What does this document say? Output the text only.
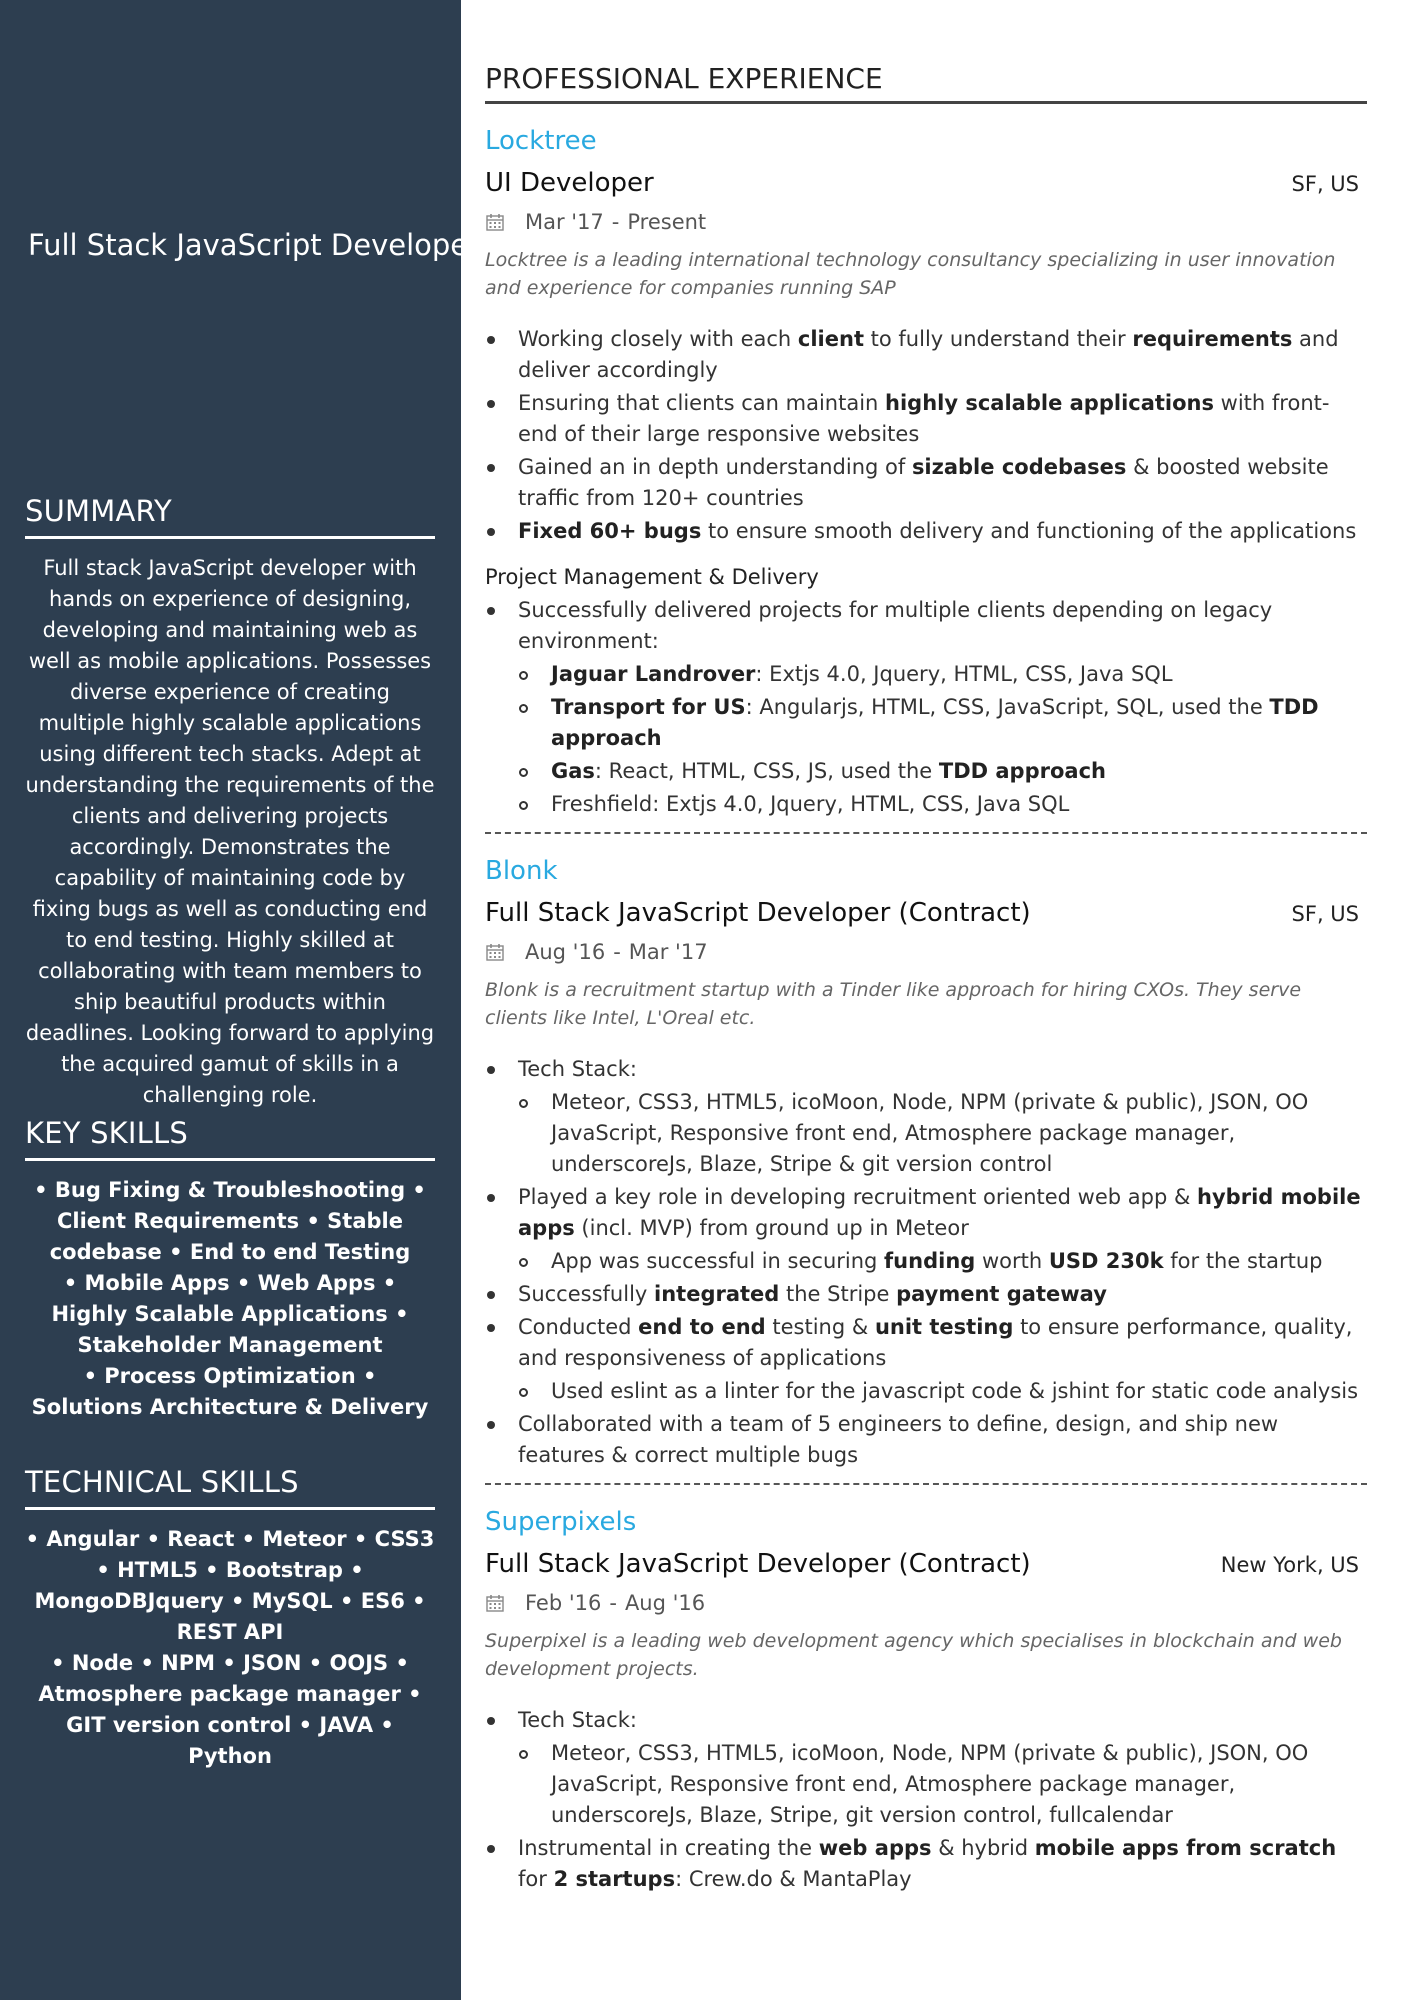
Full Stack JavaScript Developer
SUMMARY
Full stack JavaScript developer with hands on experience of designing, developing and maintaining web as well as mobile applications. Possesses diverse experience of creating multiple highly scalable applications using different tech stacks. Adept at understanding the requirements of the clients and delivering projects accordingly. Demonstrates the capability of maintaining code by fixing bugs as well as conducting end to end testing. Highly skilled at collaborating with team members to ship beautiful products within deadlines. Looking forward to applying the acquired gamut of skills in a challenging role.
KEY SKILLS
• Bug Fixing & Troubleshooting • Client Requirements • Stable codebase • End to end Testing
• Mobile Apps • Web Apps • Highly Scalable Applications • Stakeholder Management
• Process Optimization • Solutions Architecture & Delivery
TECHNICAL SKILLS
• Angular • React • Meteor • CSS3 • HTML5 • Bootstrap • MongoDBJquery • MySQL • ES6 • REST API
• Node • NPM • JSON • OOJS • Atmosphere package manager • GIT version control • JAVA • Python
PROFESSIONAL EXPERIENCE
Locktree
UI Developer	SF, US
Mar '17 - Present
Locktree is a leading international technology consultancy specializing in user innovation and experience for companies running SAP
Working closely with each client to fully understand their requirements and deliver accordingly
Ensuring that clients can maintain highly scalable applications with front-end of their large responsive websites
Gained an in depth understanding of sizable codebases & boosted website traffic from 120+ countries
Fixed 60+ bugs to ensure smooth delivery and functioning of the applications
Project Management & Delivery
Successfully delivered projects for multiple clients depending on legacy environment:
Jaguar Landrover: Extjs 4.0, Jquery, HTML, CSS, Java SQL
Transport for US: Angularjs, HTML, CSS, JavaScript, SQL, used the TDD approach
Gas: React, HTML, CSS, JS, used the TDD approach
Freshfield: Extjs 4.0, Jquery, HTML, CSS, Java SQL
Blonk
Full Stack JavaScript Developer (Contract)	SF, US
Aug '16 - Mar '17
Blonk is a recruitment startup with a Tinder like approach for hiring CXOs. They serve clients like Intel, L'Oreal etc.
Tech Stack:
Meteor, CSS3, HTML5, icoMoon, Node, NPM (private & public), JSON, OO JavaScript, Responsive front end, Atmosphere package manager, underscoreJs, Blaze, Stripe & git version control
Played a key role in developing recruitment oriented web app & hybrid mobile apps (incl. MVP) from ground up in Meteor
App was successful in securing funding worth USD 230k for the startup
Successfully integrated the Stripe payment gateway
Conducted end to end testing & unit testing to ensure performance, quality, and responsiveness of applications
Used eslint as a linter for the javascript code & jshint for static code analysis
Collaborated with a team of 5 engineers to define, design, and ship new features & correct multiple bugs
Superpixels
Full Stack JavaScript Developer (Contract)	New York, US
Feb '16 - Aug '16
Superpixel is a leading web development agency which specialises in blockchain and web development projects.
Tech Stack:
Meteor, CSS3, HTML5, icoMoon, Node, NPM (private & public), JSON, OO JavaScript, Responsive front end, Atmosphere package manager, underscoreJs, Blaze, Stripe, git version control, fullcalendar
Instrumental in creating the web apps & hybrid mobile apps from scratch for 2 startups: Crew.do & MantaPlay
